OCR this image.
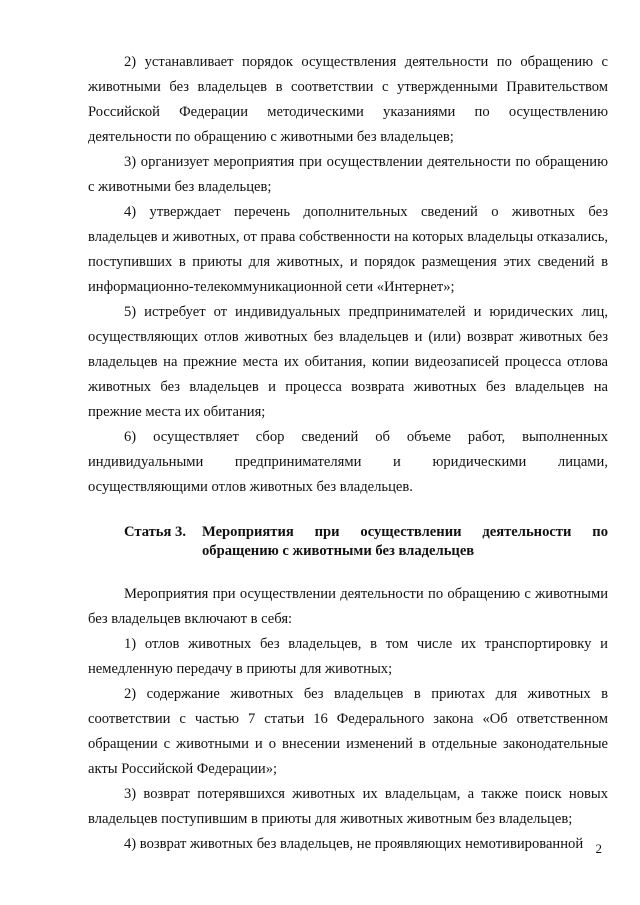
2) устанавливает порядок осуществления деятельности по обращению с животными без владельцев в соответствии с утвержденными Правительством Российской Федерации методическими указаниями по осуществлению деятельности по обращению с животными без владельцев;

3) организует мероприятия при осуществлении деятельности по обращению с животными без владельцев;

4) утверждает перечень дополнительных сведений о животных без владельцев и животных, от права собственности на которых владельцы отказались, поступивших в приюты для животных, и порядок размещения этих сведений в информационно-телекоммуникационной сети «Интернет»;

5) истребует от индивидуальных предпринимателей и юридических лиц, осуществляющих отлов животных без владельцев и (или) возврат животных без владельцев на прежние места их обитания, копии видеозаписей процесса отлова животных без владельцев и процесса возврата животных без владельцев на прежние места их обитания;

6) осуществляет сбор сведений об объеме работ, выполненных индивидуальными предпринимателями и юридическими лицами, осуществляющими отлов животных без владельцев.

Статья 3.	Мероприятия при осуществлении деятельности по обращению с животными без владельцев

Мероприятия при осуществлении деятельности по обращению с животными без владельцев включают в себя:

1) отлов животных без владельцев, в том числе их транспортировку и немедленную передачу в приюты для животных;

2) содержание животных без владельцев в приютах для животных в соответствии с частью 7 статьи 16 Федерального закона «Об ответственном обращении с животными и о внесении изменений в отдельные законодательные акты Российской Федерации»;

3) возврат потерявшихся животных их владельцам, а также поиск новых владельцев поступившим в приюты для животных животным без владельцев;

4) возврат животных без владельцев, не проявляющих немотивированной 2
